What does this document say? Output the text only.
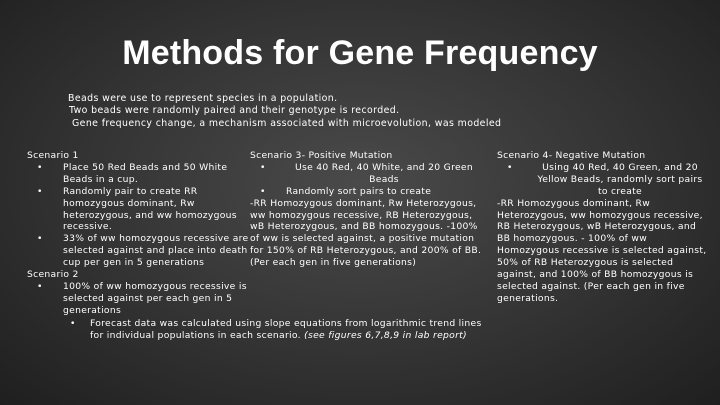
Methods for Gene Frequency
Beads were use to represent species in a population.
Two beads were randomly paired and their genotype is recorded.
Gene frequency change, a mechanism associated with microevolution, was modeled
Scenario 1
• Place 50 Red Beads and 50 White Beads in a cup.
• Randomly pair to create RR homozygous dominant, Rw heterozygous, and ww homozygous recessive.
• 33% of ww homozygous recessive are selected against and place into death cup per gen in 5 generations
Scenario 2
• 100% of ww homozygous recessive is selected against per each gen in 5 generations
Scenario 3- Positive Mutation
• Use 40 Red, 40 White, and 20 Green Beads
• Randomly sort pairs to create
-RR Homozygous dominant, Rw Heterozygous, ww homozygous recessive, RB Heterozygous, wB Heterozygous, and BB homozygous. -100% of ww is selected against, a positive mutation for 150% of RB Heterozygous, and 200% of BB. (Per each gen in five generations)
Scenario 4- Negative Mutation
• Using 40 Red, 40 Green, and 20 Yellow Beads, randomly sort pairs to create
-RR Homozygous dominant, Rw Heterozygous, ww homozygous recessive, RB Heterozygous, wB Heterozygous, and BB homozygous. - 100% of ww Homozygous recessive is selected against, 50% of RB Heterozygous is selected against, and 100% of BB homozygous is selected against. (Per each gen in five generations.
• Forecast data was calculated using slope equations from logarithmic trend lines for individual populations in each scenario. (see figures 6,7,8,9 in lab report)
